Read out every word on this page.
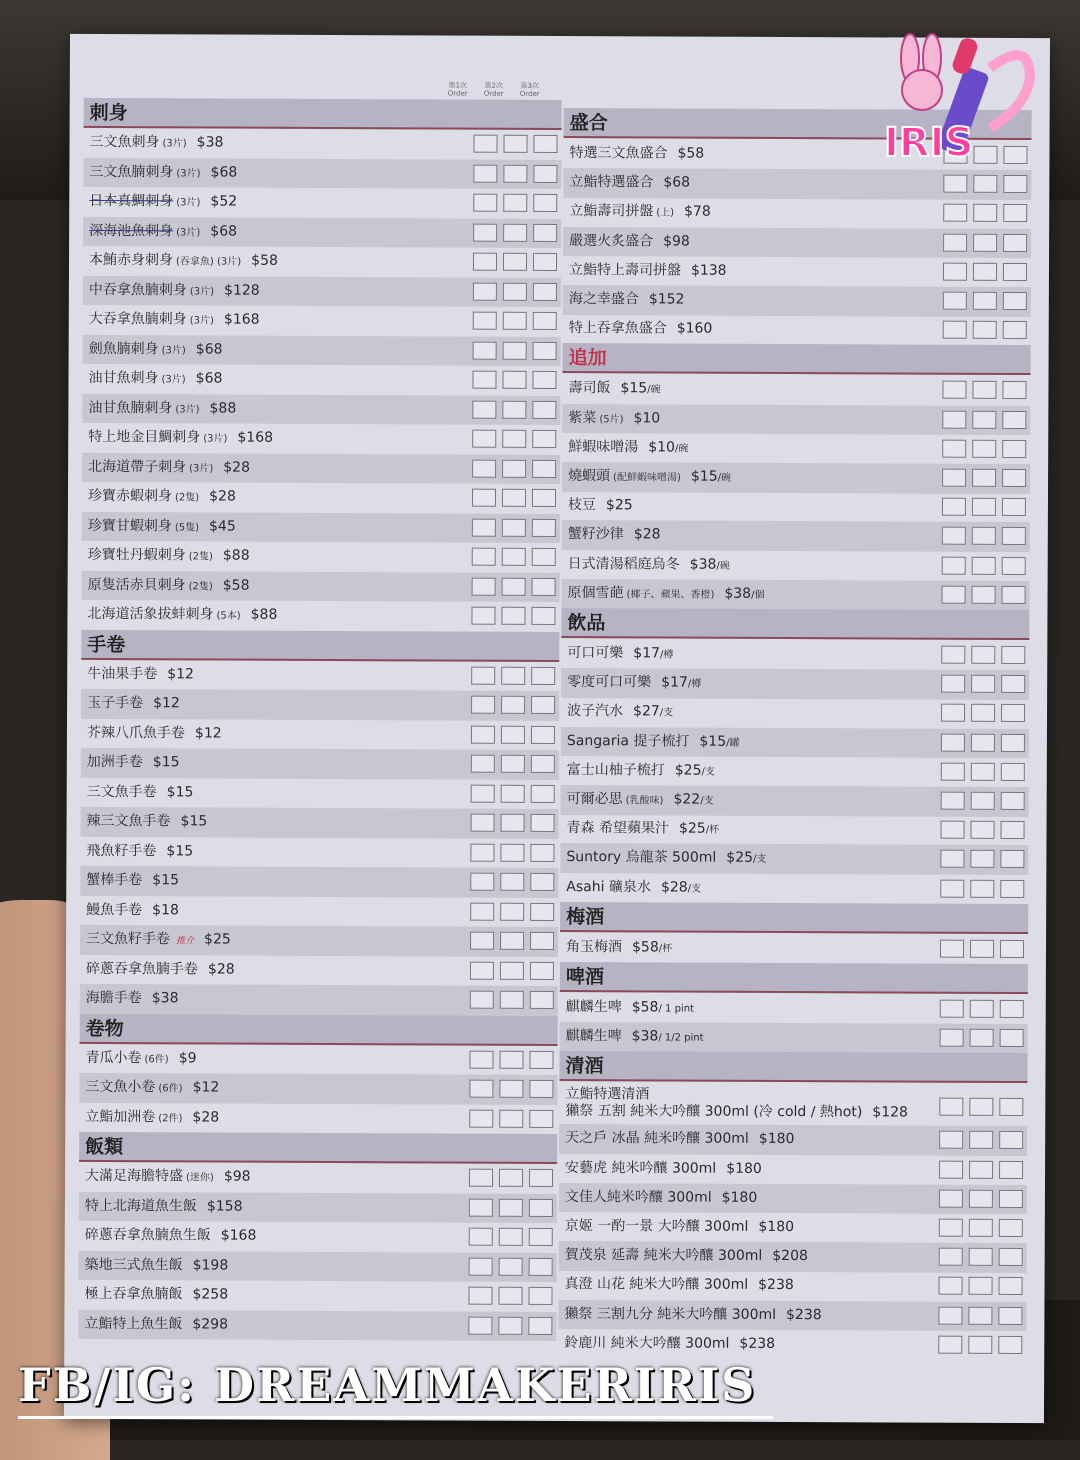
第1次
Order
第2次
Order
第3次
Order
刺身
三文魚刺身 (3片) $38
三文魚腩刺身 (3片) $68
日本真鯛刺身 (3片) $52
深海池魚刺身 (3片) $68
本鮪赤身刺身 (吞拿魚) (3片) $58
中吞拿魚腩刺身 (3片) $128
大吞拿魚腩刺身 (3片) $168
劍魚腩刺身 (3片) $68
油甘魚刺身 (3片) $68
油甘魚腩刺身 (3片) $88
特上地金目鯛刺身 (3片) $168
北海道帶子刺身 (3片) $28
珍寶赤蝦刺身 (2隻) $28
珍寶甘蝦刺身 (5隻) $45
珍寶牡丹蝦刺身 (2隻) $88
原隻活赤貝刺身 (2隻) $58
北海道活象拔蚌刺身 (5本) $88
手卷
牛油果手卷 $12
玉子手卷 $12
芥辣八爪魚手卷 $12
加洲手卷 $15
三文魚手卷 $15
辣三文魚手卷 $15
飛魚籽手卷 $15
蟹棒手卷 $15
鰻魚手卷 $18
三文魚籽手卷 推介 $25
碎蔥吞拿魚腩手卷 $28
海膽手卷 $38
卷物
青瓜小卷 (6件) $9
三文魚小卷 (6件) $12
立鮨加洲卷 (2件) $28
飯類
大滿足海膽特盛 (迷你) $98
特上北海道魚生飯 $158
碎蔥吞拿魚腩魚生飯 $168
築地三式魚生飯 $198
極上吞拿魚腩飯 $258
立鮨特上魚生飯 $298
盛合
特選三文魚盛合 $58
立鮨特選盛合 $68
立鮨壽司拼盤 (上) $78
嚴選火炙盛合 $98
立鮨特上壽司拼盤 $138
海之幸盛合 $152
特上吞拿魚盛合 $160
追加
壽司飯 $15/碗
紫菜 (5片) $10
鮮蝦味噌湯 $10/碗
燒蝦頭 (配鮮蝦味噌湯) $15/碗
枝豆 $25
蟹籽沙律 $28
日式清湯稻庭烏冬 $38/碗
原個雪葩 (椰子、蘋果、香橙) $38/個
飲品
可口可樂 $17/樽
零度可口可樂 $17/樽
波子汽水 $27/支
Sangaria 提子梳打 $15/罐
富士山柚子梳打 $25/支
可爾必思 (乳酸味) $22/支
青森 希望蘋果汁 $25/杯
Suntory 烏龍茶 500ml $25/支
Asahi 礦泉水 $28/支
梅酒
角玉梅酒 $58/杯
啤酒
麒麟生啤 $58/ 1 pint
麒麟生啤 $38/ 1/2 pint
清酒
立鮨特選清酒
獺祭 五割 純米大吟釀 300ml (冷 cold / 熱hot) $128
天之戶 冰晶 純米吟釀 300ml $180
安藝虎 純米吟釀 300ml $180
文佳人純米吟釀 300ml $180
京姬 一酌一景 大吟釀 300ml $180
賀茂泉 延壽 純米大吟釀 300ml $208
真澄 山花 純米大吟釀 300ml $238
獺祭 三割九分 純米大吟釀 300ml $238
鈴鹿川 純米大吟釀 300ml $238
IRIS
FB/IG: DREAMMAKERIRIS
